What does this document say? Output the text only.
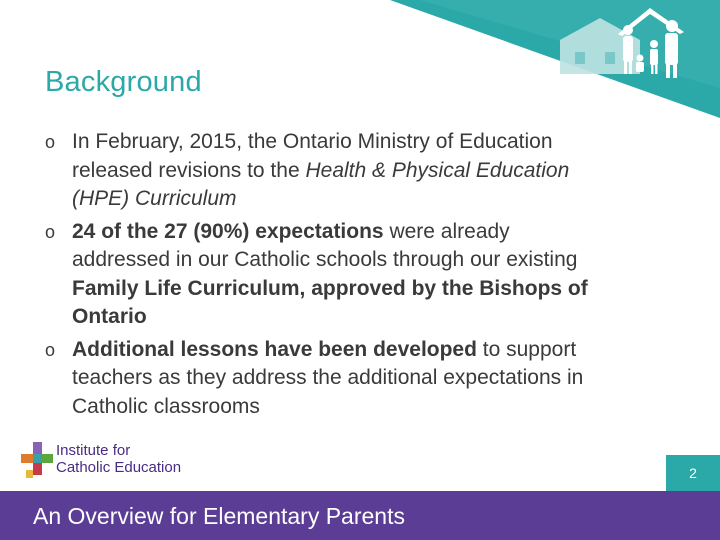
Background
o In February, 2015, the Ontario Ministry of Education released revisions to the Health & Physical Education (HPE) Curriculum
o 24 of the 27 (90%) expectations were already addressed in our Catholic schools through our existing Family Life Curriculum, approved by the Bishops of Ontario
o Additional lessons have been developed to support teachers as they address the additional expectations in Catholic classrooms
Institute for
Catholic Education	2
An Overview for Elementary Parents
